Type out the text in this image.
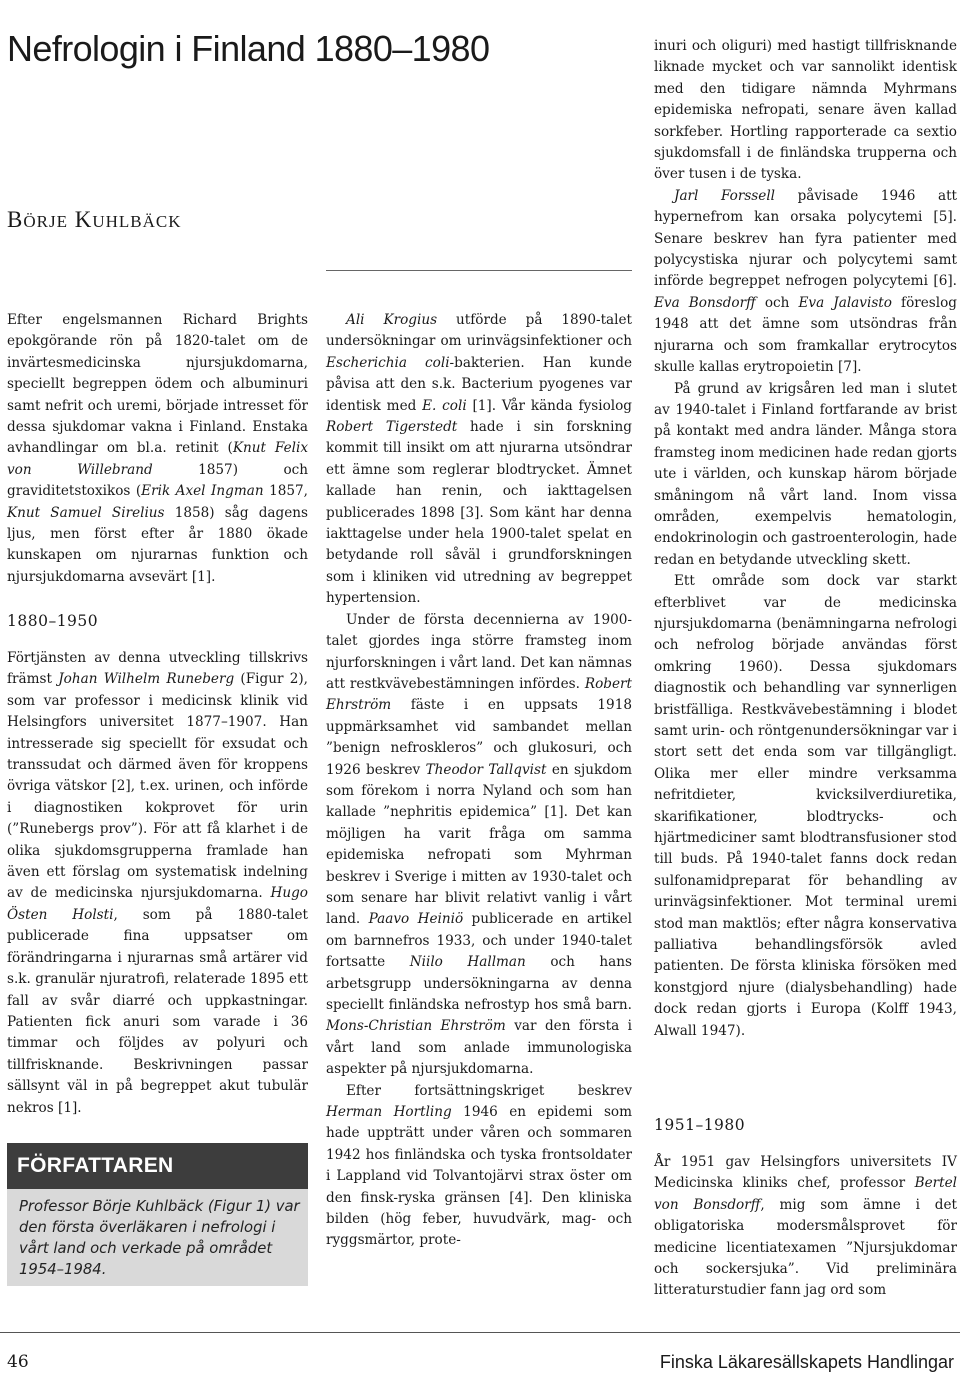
Nefrologin i Finland 1880–1980
BÖRJE KUHLBÄCK

Efter engelsmannen Richard Brights epokgörande rön på 1820-talet om de invärtesmedicinska njursjukdomarna, speciellt begreppen ödem och albuminuri samt nefrit och uremi, började intresset för dessa sjukdomar vakna i Finland. Enstaka avhandlingar om bl.a. retinit (Knut Felix von Willebrand 1857) och graviditetstoxikos (Erik Axel Ingman 1857, Knut Samuel Sirelius 1858) såg dagens ljus, men först efter år 1880 ökade kunskapen om njurarnas funktion och njursjukdomarna avsevärt [1].

1880–1950

Förtjänsten av denna utveckling tillskrivs främst Johan Wilhelm Runeberg (Figur 2), som var professor i medicinsk klinik vid Helsingfors universitet 1877–1907. Han intresserade sig speciellt för exsudat och transsudat och därmed även för kroppens övriga vätskor [2], t.ex. urinen, och införde i diagnostiken kokprovet för urin (”Runebergs prov”). För att få klarhet i de olika sjukdomsgrupperna framlade han även ett förslag om systematisk indelning av de medicinska njursjukdomarna. Hugo Östen Holsti, som på 1880-talet publicerade fina uppsatser om förändringarna i njurarnas små artärer vid s.k. granulär njuratrofi, relaterade 1895 ett fall av svår diarré och uppkastningar. Patienten fick anuri som varade i 36 timmar och följdes av polyuri och tillfrisknande. Beskrivningen passar sällsynt väl in på begreppet akut tubulär nekros [1].

FÖRFATTAREN
Professor Börje Kuhlbäck (Figur 1) var den första överläkaren i nefrologi i vårt land och verkade på området 1954–1984.

Ali Krogius utförde på 1890-talet undersökningar om urinvägsinfektioner och Escherichia coli-bakterien. Han kunde påvisa att den s.k. Bacterium pyogenes var identisk med E. coli [1]. Vår kända fysiolog Robert Tigerstedt hade i sin forskning kommit till insikt om att njurarna utsöndrar ett ämne som reglerar blodtrycket. Ämnet kallade han renin, och iakttagelsen publicerades 1898 [3]. Som känt har denna iakttagelse under hela 1900-talet spelat en betydande roll såväl i grundforskningen som i kliniken vid utredning av begreppet hypertension.

Under de första decennierna av 1900-talet gjordes inga större framsteg inom njurforskningen i vårt land. Det kan nämnas att restkvävebestämningen infördes. Robert Ehrström fäste i en uppsats 1918 uppmärksamhet vid sambandet mellan ”benign nefroskleros” och glukosuri, och 1926 beskrev Theodor Tallqvist en sjukdom som förekom i norra Nyland och som han kallade ”nephritis epidemica” [1]. Det kan möjligen ha varit fråga om samma epidemiska nefropati som Myhrman beskrev i Sverige i mitten av 1930-talet och som senare har blivit relativt vanlig i vårt land. Paavo Heiniö publicerade en artikel om barnnefros 1933, och under 1940-talet fortsatte Niilo Hallman och hans arbetsgrupp undersökningarna av denna speciellt finländska nefrostyp hos små barn. Mons-Christian Ehrström var den första i vårt land som anlade immunologiska aspekter på njursjukdomarna.

Efter fortsättningskriget beskrev Herman Hortling 1946 en epidemi som hade uppträtt under våren och sommaren 1942 hos finländska och tyska frontsoldater i Lappland vid Tolvantojärvi strax öster om den finsk-ryska gränsen [4]. Den kliniska bilden (hög feber, huvudvärk, mag- och ryggsmärtor, prote-

inuri och oliguri) med hastigt tillfrisknande liknade mycket och var sannolikt identisk med den tidigare nämnda Myhrmans epidemiska nefropati, senare även kallad sorkfeber. Hortling rapporterade ca sextio sjukdomsfall i de finländska trupperna och över tusen i de tyska.

Jarl Forssell påvisade 1946 att hypernefrom kan orsaka polycytemi [5]. Senare beskrev han fyra patienter med polycystiska njurar och polycytemi samt införde begreppet nefrogen polycytemi [6]. Eva Bonsdorff och Eva Jalavisto föreslog 1948 att det ämne som utsöndras från njurarna och som framkallar erytrocytos skulle kallas erytropoietin [7].

På grund av krigsåren led man i slutet av 1940-talet i Finland fortfarande av brist på kontakt med andra länder. Många stora framsteg inom medicinen hade redan gjorts ute i världen, och kunskap härom började småningom nå vårt land. Inom vissa områden, exempelvis hematologin, endokrinologin och gastroenterologin, hade redan en betydande utveckling skett.

Ett område som dock var starkt efterblivet var de medicinska njursjukdomarna (benämningarna nefrologi och nefrolog började användas först omkring 1960). Dessa sjukdomars diagnostik och behandling var synnerligen bristfälliga. Restkvävebestämning i blodet samt urin- och röntgenundersökningar var i stort sett det enda som var tillgängligt. Olika mer eller mindre verksamma nefritdieter, kvicksilverdiuretika, skarifikationer, blodtrycks- och hjärtmediciner samt blodtransfusioner stod till buds. På 1940-talet fanns dock redan sulfonamidpreparat för behandling av urinvägsinfektioner. Mot terminal uremi stod man maktlös; efter några konservativa palliativa behandlingsförsök avled patienten. De första kliniska försöken med konstgjord njure (dialysbehandling) hade dock redan gjorts i Europa (Kolff 1943, Alwall 1947).

1951–1980

År 1951 gav Helsingfors universitets IV Medicinska kliniks chef, professor Bertel von Bonsdorff, mig som ämne i det obligatoriska modersmålsprovet för medicine licentiatexamen ”Njursjukdomar och sockersjuka”. Vid preliminära litteraturstudier fann jag ord som

46	Finska Läkaresällskapets Handlingar
